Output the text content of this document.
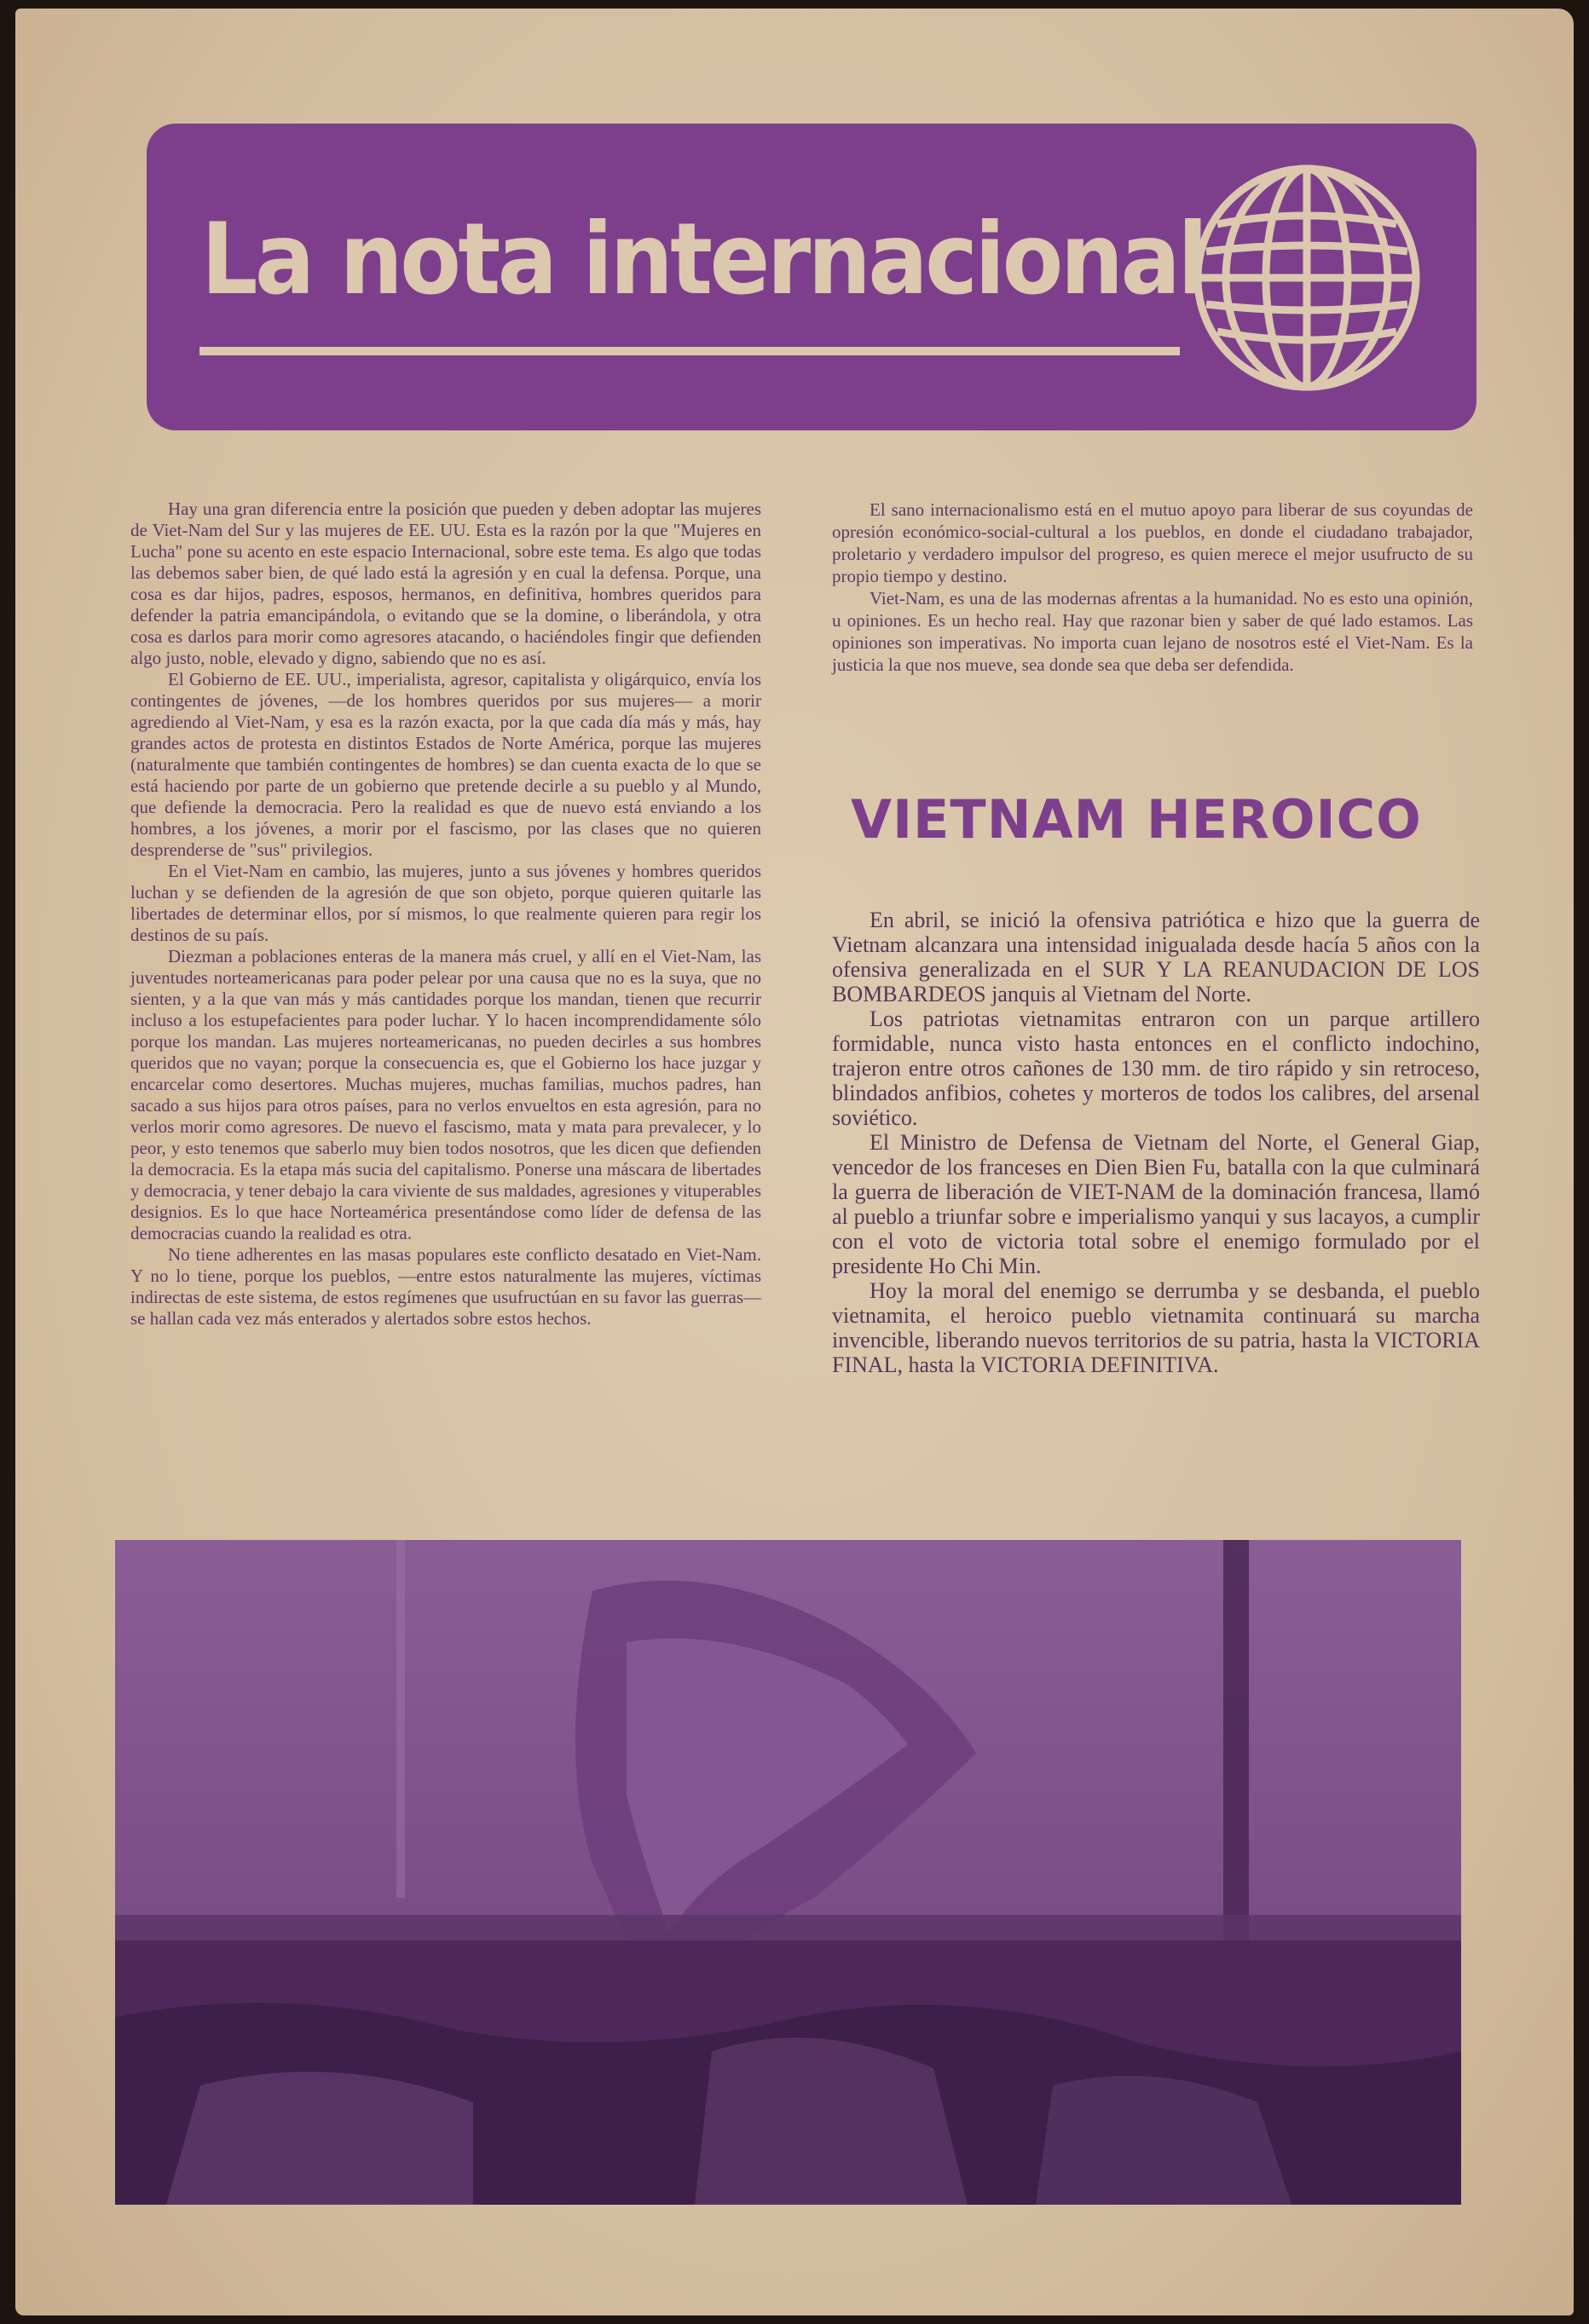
La nota internacional

Hay una gran diferencia entre la posición que pueden y deben adoptar las mujeres de Viet-Nam del Sur y las mujeres de EE. UU. Esta es la razón por la que "Mujeres en Lucha" pone su acento en este espacio Internacional, sobre este tema. Es algo que todas las debemos saber bien, de qué lado está la agresión y en cual la defensa. Porque, una cosa es dar hijos, padres, esposos, hermanos, en definitiva, hombres queridos para defender la patria emancipándola, o evitando que se la domine, o liberándola, y otra cosa es darlos para morir como agresores atacando, o haciéndoles fingir que defienden algo justo, noble, elevado y digno, sabiendo que no es así.

El Gobierno de EE. UU., imperialista, agresor, capitalista y oligárquico, envía los contingentes de jóvenes, —de los hombres queridos por sus mujeres— a morir agrediendo al Viet-Nam, y esa es la razón exacta, por la que cada día más y más, hay grandes actos de protesta en distintos Estados de Norte América, porque las mujeres (naturalmente que también contingentes de hombres) se dan cuenta exacta de lo que se está haciendo por parte de un gobierno que pretende decirle a su pueblo y al Mundo, que defiende la democracia. Pero la realidad es que de nuevo está enviando a los hombres, a los jóvenes, a morir por el fascismo, por las clases que no quieren desprenderse de "sus" privilegios.

En el Viet-Nam en cambio, las mujeres, junto a sus jóvenes y hombres queridos luchan y se defienden de la agresión de que son objeto, porque quieren quitarle las libertades de determinar ellos, por sí mismos, lo que realmente quieren para regir los destinos de su país.

Diezman a poblaciones enteras de la manera más cruel, y allí en el Viet-Nam, las juventudes norteamericanas para poder pelear por una causa que no es la suya, que no sienten, y a la que van más y más cantidades porque los mandan, tienen que recurrir incluso a los estupefacientes para poder luchar. Y lo hacen incomprendidamente sólo porque los mandan. Las mujeres norteamericanas, no pueden decirles a sus hombres queridos que no vayan; porque la consecuencia es, que el Gobierno los hace juzgar y encarcelar como desertores. Muchas mujeres, muchas familias, muchos padres, han sacado a sus hijos para otros países, para no verlos envueltos en esta agresión, para no verlos morir como agresores. De nuevo el fascismo, mata y mata para prevalecer, y lo peor, y esto tenemos que saberlo muy bien todos nosotros, que les dicen que defienden la democracia. Es la etapa más sucia del capitalismo. Ponerse una máscara de libertades y democracia, y tener debajo la cara viviente de sus maldades, agresiones y vituperables designios. Es lo que hace Norteamérica presentándose como líder de defensa de las democracias cuando la realidad es otra.

No tiene adherentes en las masas populares este conflicto desatado en Viet-Nam. Y no lo tiene, porque los pueblos, —entre estos naturalmente las mujeres, víctimas indirectas de este sistema, de estos regímenes que usufructúan en su favor las guerras— se hallan cada vez más enterados y alertados sobre estos hechos.

El sano internacionalismo está en el mutuo apoyo para liberar de sus coyundas de opresión económico-social-cultural a los pueblos, en donde el ciudadano trabajador, proletario y verdadero impulsor del progreso, es quien merece el mejor usufructo de su propio tiempo y destino.

Viet-Nam, es una de las modernas afrentas a la humanidad. No es esto una opinión, u opiniones. Es un hecho real. Hay que razonar bien y saber de qué lado estamos. Las opiniones son imperativas. No importa cuan lejano de nosotros esté el Viet-Nam. Es la justicia la que nos mueve, sea donde sea que deba ser defendida.

VIETNAM HEROICO

En abril, se inició la ofensiva patriótica e hizo que la guerra de Vietnam alcanzara una intensidad inigualada desde hacía 5 años con la ofensiva generalizada en el SUR Y LA REANUDACION DE LOS BOMBARDEOS janquis al Vietnam del Norte.

Los patriotas vietnamitas entraron con un parque artillero formidable, nunca visto hasta entonces en el conflicto indochino, trajeron entre otros cañones de 130 mm. de tiro rápido y sin retroceso, blindados anfibios, cohetes y morteros de todos los calibres, del arsenal soviético.

El Ministro de Defensa de Vietnam del Norte, el General Giap, vencedor de los franceses en Dien Bien Fu, batalla con la que culminará la guerra de liberación de VIET-NAM de la dominación francesa, llamó al pueblo a triunfar sobre e imperialismo yanqui y sus lacayos, a cumplir con el voto de victoria total sobre el enemigo formulado por el presidente Ho Chi Min.

Hoy la moral del enemigo se derrumba y se desbanda, el pueblo vietnamita, el heroico pueblo vietnamita continuará su marcha invencible, liberando nuevos territorios de su patria, hasta la VICTORIA FINAL, hasta la VICTORIA DEFINITIVA.
